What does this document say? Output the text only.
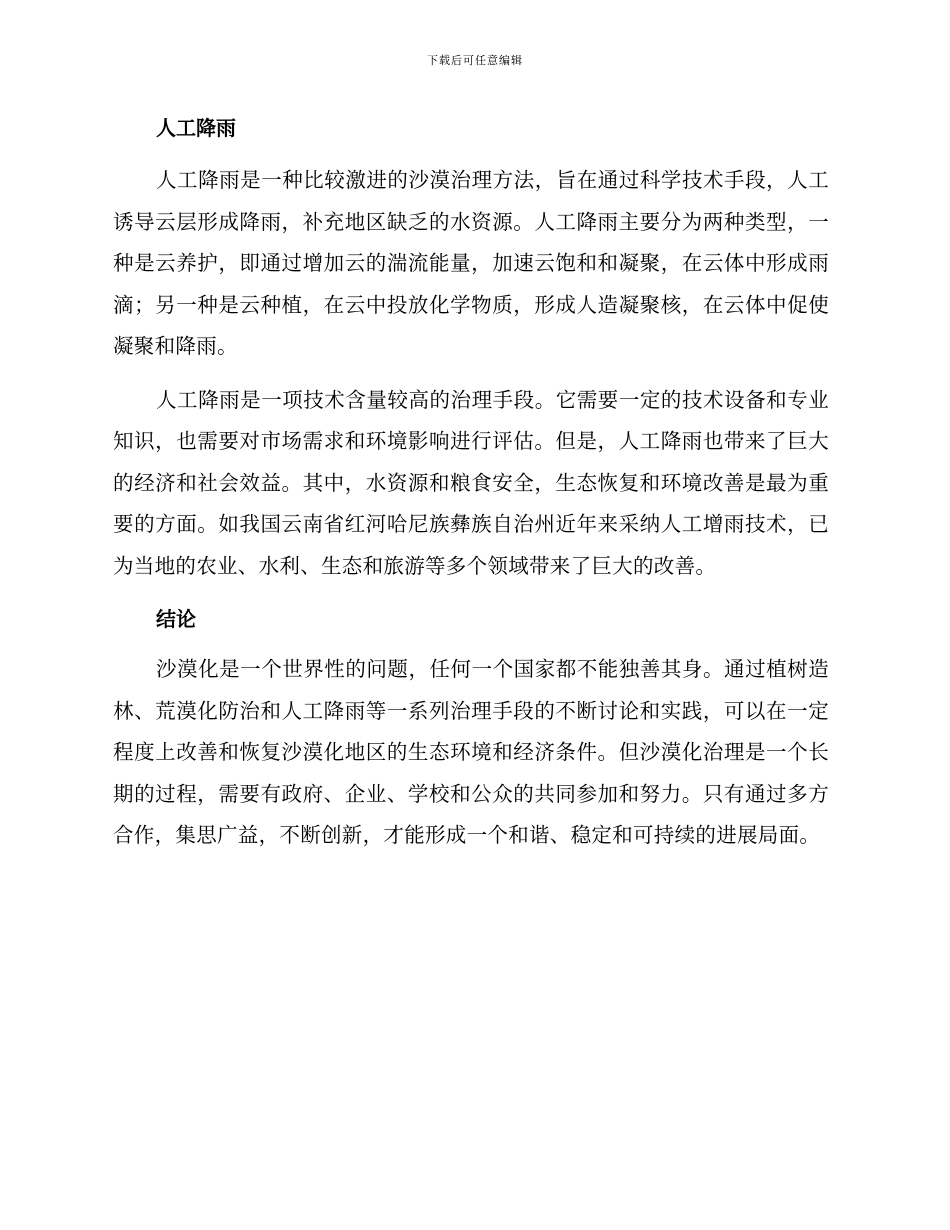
下载后可任意编辑
人工降雨

人工降雨是一种比较激进的沙漠治理方法，旨在通过科学技术手段，人工诱导云层形成降雨，补充地区缺乏的水资源。人工降雨主要分为两种类型，一种是云养护，即通过增加云的湍流能量，加速云饱和和凝聚，在云体中形成雨滴；另一种是云种植，在云中投放化学物质，形成人造凝聚核，在云体中促使凝聚和降雨。

人工降雨是一项技术含量较高的治理手段。它需要一定的技术设备和专业知识，也需要对市场需求和环境影响进行评估。但是，人工降雨也带来了巨大的经济和社会效益。其中，水资源和粮食安全，生态恢复和环境改善是最为重要的方面。如我国云南省红河哈尼族彝族自治州近年来采纳人工增雨技术，已为当地的农业、水利、生态和旅游等多个领域带来了巨大的改善。

结论

沙漠化是一个世界性的问题，任何一个国家都不能独善其身。通过植树造林、荒漠化防治和人工降雨等一系列治理手段的不断讨论和实践，可以在一定程度上改善和恢复沙漠化地区的生态环境和经济条件。但沙漠化治理是一个长期的过程，需要有政府、企业、学校和公众的共同参加和努力。只有通过多方合作，集思广益，不断创新，才能形成一个和谐、稳定和可持续的进展局面。
